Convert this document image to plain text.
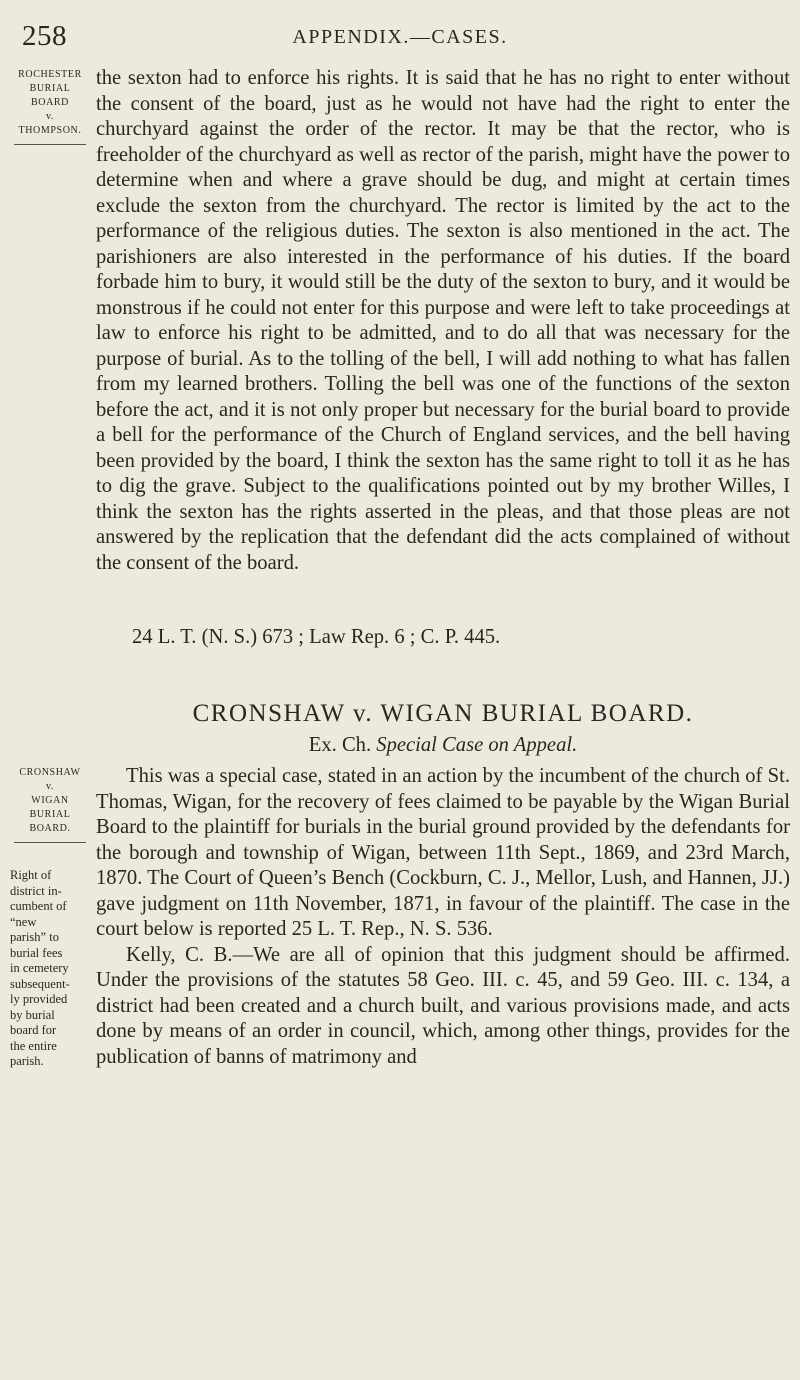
258	APPENDIX.—CASES.
ROCHESTER
BURIAL
BOARD
v.
THOMPSON.

the sexton had to enforce his rights. It is said that he has no right to enter without the consent of the board, just as he would not have had the right to enter the churchyard against the order of the rector. It may be that the rector, who is freeholder of the churchyard as well as rector of the parish, might have the power to determine when and where a grave should be dug, and might at certain times exclude the sexton from the churchyard. The rector is limited by the act to the performance of the religious duties. The sexton is also mentioned in the act. The parishioners are also interested in the performance of his duties. If the board forbade him to bury, it would still be the duty of the sexton to bury, and it would be monstrous if he could not enter for this purpose and were left to take proceedings at law to enforce his right to be admitted, and to do all that was necessary for the purpose of burial. As to the tolling of the bell, I will add nothing to what has fallen from my learned brothers. Tolling the bell was one of the functions of the sexton before the act, and it is not only proper but necessary for the burial board to provide a bell for the performance of the Church of England services, and the bell having been provided by the board, I think the sexton has the same right to toll it as he has to dig the grave. Subject to the qualifications pointed out by my brother Willes, I think the sexton has the rights asserted in the pleas, and that those pleas are not answered by the replication that the defendant did the acts complained of without the consent of the board.

24 L. T. (N. S.) 673 ; Law Rep. 6 ; C. P. 445.
CRONSHAW v. WIGAN BURIAL BOARD.
Ex. Ch. Special Case on Appeal.
CRONSHAW
v.
WIGAN
BURIAL
BOARD.
Right of
district in-
cumbent of
“new
parish” to
burial fees
in cemetery
subsequent-
ly provided
by burial
board for
the entire
parish.

This was a special case, stated in an action by the incumbent of the church of St. Thomas, Wigan, for the recovery of fees claimed to be payable by the Wigan Burial Board to the plaintiff for burials in the burial ground provided by the defendants for the borough and township of Wigan, between 11th Sept., 1869, and 23rd March, 1870. The Court of Queen’s Bench (Cockburn, C. J., Mellor, Lush, and Hannen, JJ.) gave judgment on 11th November, 1871, in favour of the plaintiff. The case in the court below is reported 25 L. T. Rep., N. S. 536.

Kelly, C. B.—We are all of opinion that this judgment should be affirmed. Under the provisions of the statutes 58 Geo. III. c. 45, and 59 Geo. III. c. 134, a district had been created and a church built, and various provisions made, and acts done by means of an order in council, which, among other things, provides for the publication of banns of matrimony and
